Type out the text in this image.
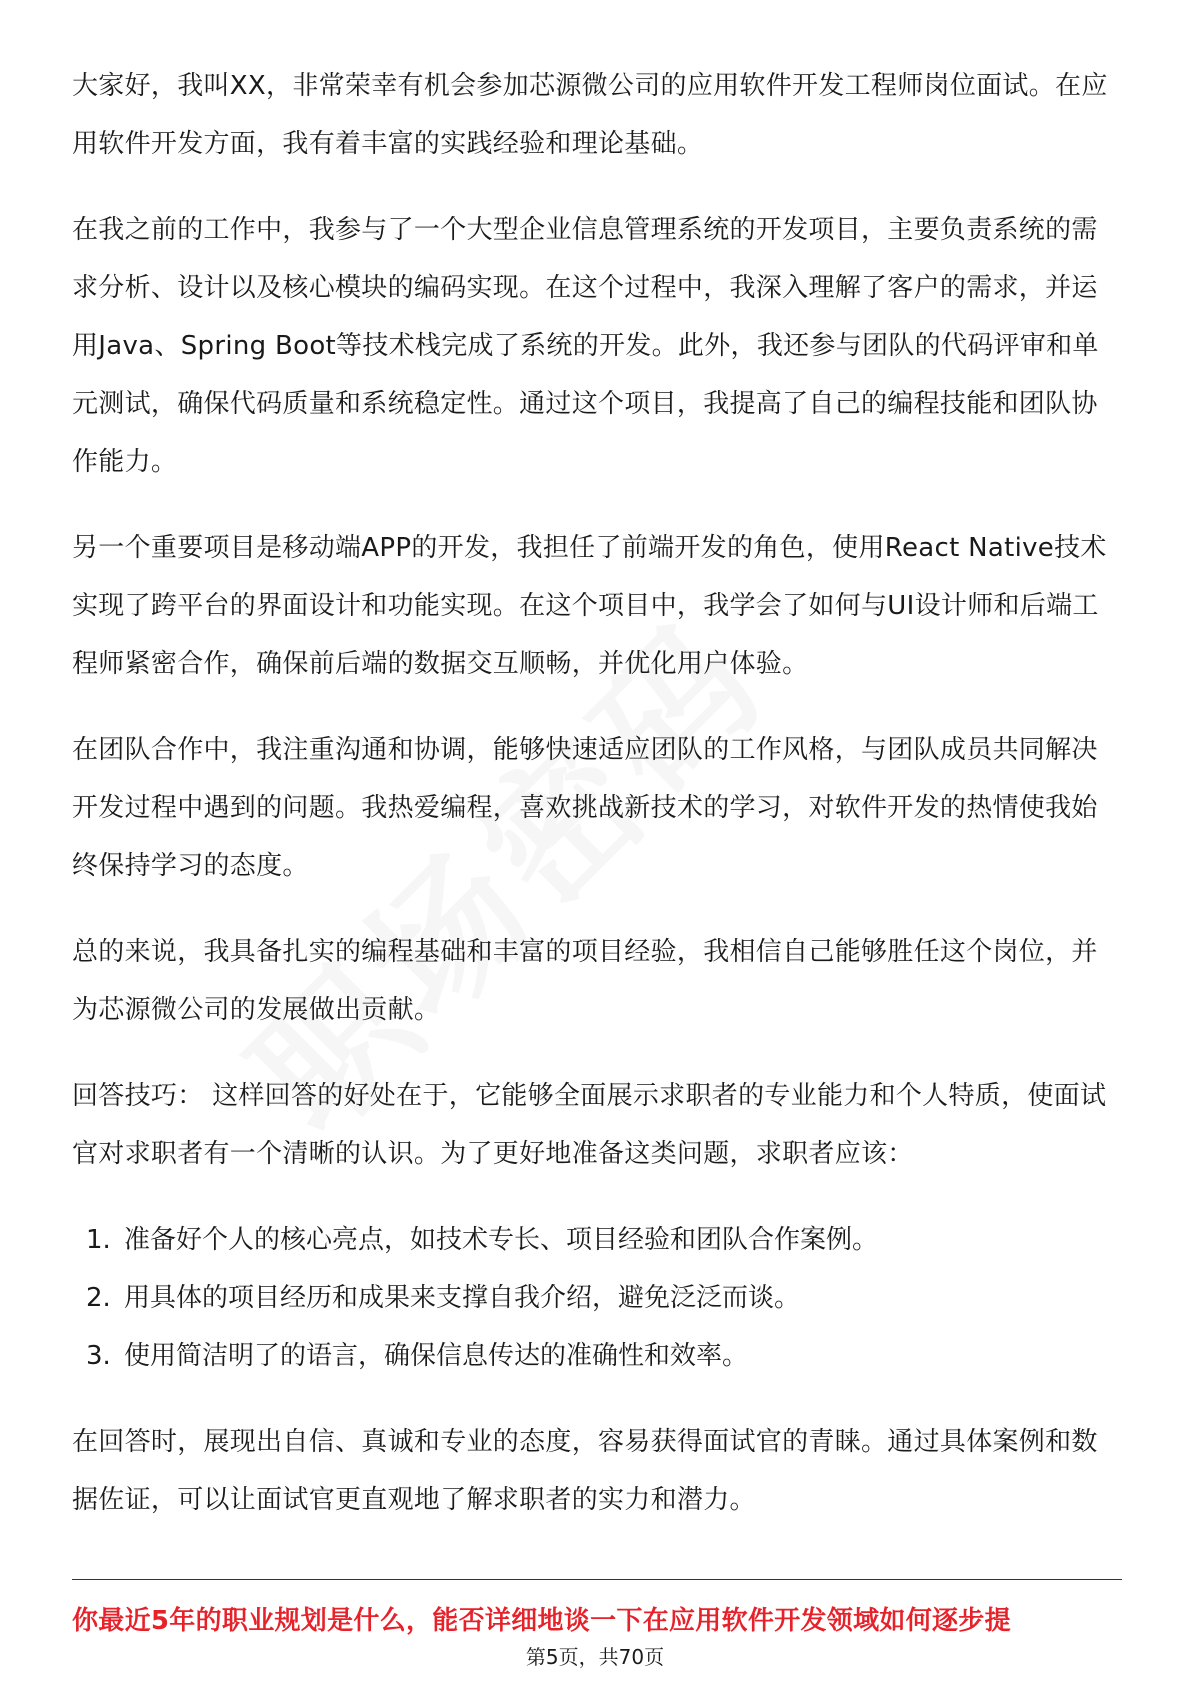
大家好，我叫XX，非常荣幸有机会参加芯源微公司的应用软件开发工程师岗位面试。在应用软件开发方面，我有着丰富的实践经验和理论基础。

在我之前的工作中，我参与了一个大型企业信息管理系统的开发项目，主要负责系统的需求分析、设计以及核心模块的编码实现。在这个过程中，我深入理解了客户的需求，并运用Java、Spring Boot等技术栈完成了系统的开发。此外，我还参与团队的代码评审和单元测试，确保代码质量和系统稳定性。通过这个项目，我提高了自己的编程技能和团队协作能力。

另一个重要项目是移动端APP的开发，我担任了前端开发的角色，使用React Native技术实现了跨平台的界面设计和功能实现。在这个项目中，我学会了如何与UI设计师和后端工程师紧密合作，确保前后端的数据交互顺畅，并优化用户体验。

在团队合作中，我注重沟通和协调，能够快速适应团队的工作风格，与团队成员共同解决开发过程中遇到的问题。我热爱编程，喜欢挑战新技术的学习，对软件开发的热情使我始终保持学习的态度。

总的来说，我具备扎实的编程基础和丰富的项目经验，我相信自己能够胜任这个岗位，并为芯源微公司的发展做出贡献。

回答技巧： 这样回答的好处在于，它能够全面展示求职者的专业能力和个人特质，使面试官对求职者有一个清晰的认识。为了更好地准备这类问题，求职者应该：

1. 准备好个人的核心亮点，如技术专长、项目经验和团队合作案例。
2. 用具体的项目经历和成果来支撑自我介绍，避免泛泛而谈。
3. 使用简洁明了的语言，确保信息传达的准确性和效率。

在回答时，展现出自信、真诚和专业的态度，容易获得面试官的青睐。通过具体案例和数据佐证，可以让面试官更直观地了解求职者的实力和潜力。

你最近5年的职业规划是什么，能否详细地谈一下在应用软件开发领域如何逐步提
第5页，共70页
